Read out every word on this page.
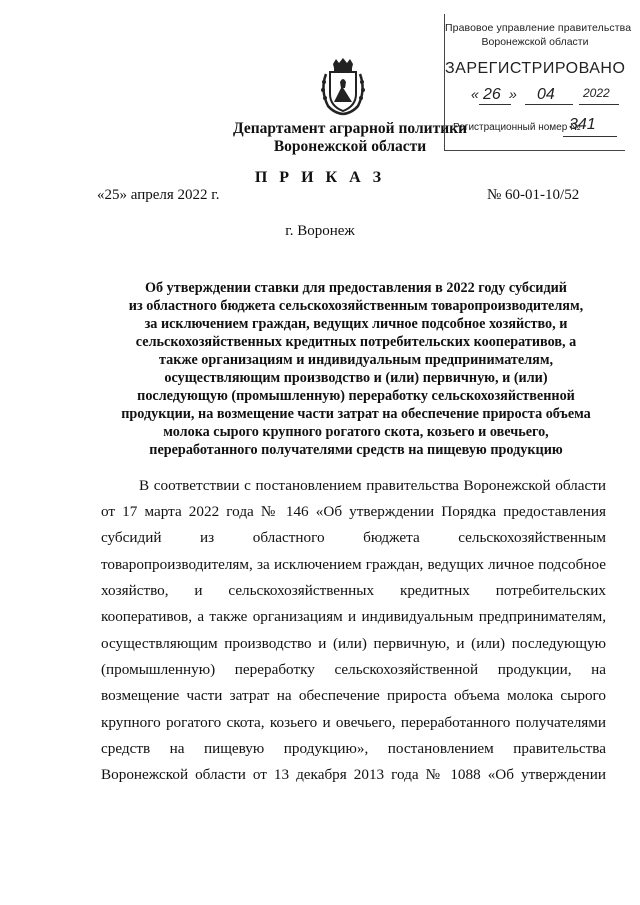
Правовое управление правительства
Воронежской области
ЗАРЕГИСТРИРОВАНО
« 26 » 04 2022
Регистрационный номер №
341
Департамент аграрной политики
Воронежской области
П Р И К А З
«25» апреля 2022 г.	№ 60-01-10/52
г. Воронеж
Об утверждении ставки для предоставления в 2022 году субсидий
из областного бюджета сельскохозяйственным товаропроизводителям,
за исключением граждан, ведущих личное подсобное хозяйство, и
сельскохозяйственных кредитных потребительских кооперативов, а
также организациям и индивидуальным предпринимателям,
осуществляющим производство и (или) первичную, и (или)
последующую (промышленную) переработку сельскохозяйственной
продукции, на возмещение части затрат на обеспечение прироста объема
молока сырого крупного рогатого скота, козьего и овечьего,
переработанного получателями средств на пищевую продукцию
В соответствии с постановлением правительства Воронежской области
от 17 марта 2022 года № 146 «Об утверждении Порядка предоставления
субсидий из областного бюджета сельскохозяйственным
товаропроизводителям, за исключением граждан, ведущих личное подсобное
хозяйство, и сельскохозяйственных кредитных потребительских
кооперативов, а также организациям и индивидуальным предпринимателям,
осуществляющим производство и (или) первичную, и (или) последующую
(промышленную) переработку сельскохозяйственной продукции, на
возмещение части затрат на обеспечение прироста объема молока сырого
крупного рогатого скота, козьего и овечьего, переработанного получателями
средств на пищевую продукцию», постановлением правительства
Воронежской области от 13 декабря 2013 года № 1088 «Об утверждении
